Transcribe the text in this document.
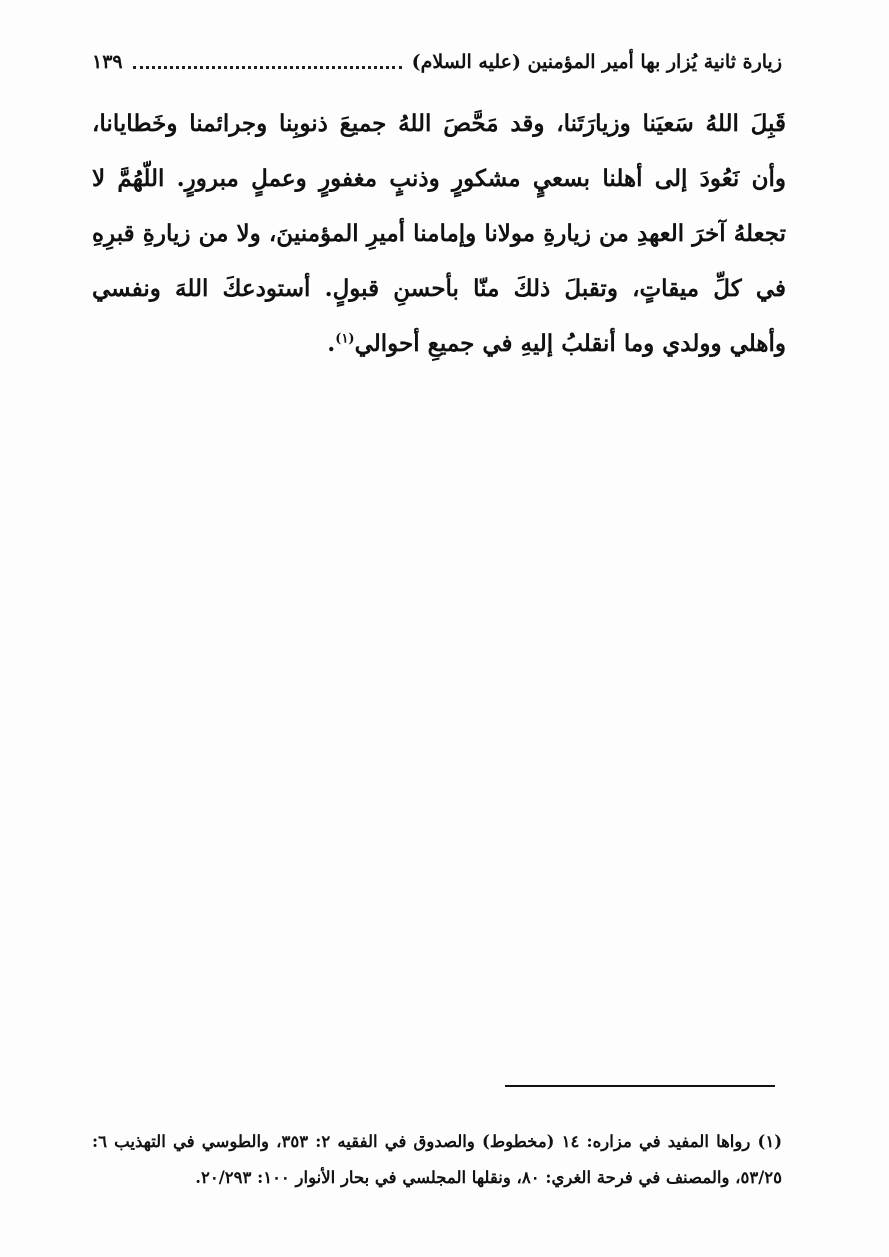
زيارة ثانية يُزار بها أمير المؤمنين (عليه السلام)
١٣٩

قَبِلَ اللهُ سَعيَنا وزيارَتَنا، وقد مَحَّصَ اللهُ جميعَ ذنوبِنا وجرائمنا وخَطايانا، وأن نَعُودَ إلى أهلنا بسعيٍ مشكورٍ وذنبٍ مغفورٍ وعملٍ مبرورٍ. اللّهُمَّ لا تجعلهُ آخرَ العهدِ من زيارةِ مولانا وإمامنا أميرِ المؤمنينَ، ولا من زيارةِ قبرِهِ في كلِّ ميقاتٍ، وتقبلَ ذلكَ منّا بأحسنِ قبولٍ. أستودعكَ اللهَ ونفسي وأهلي وولدي وما أنقلبُ إليهِ في جميعِ أحوالي$^{(١)}$.

(١) رواها المفيد في مزاره: ١٤ (مخطوط) والصدوق في الفقيه ٢: ٣٥٣، والطوسي في التهذيب ٦: ٥٣/٢٥، والمصنف في فرحة الغري: ٨٠، ونقلها المجلسي في بحار الأنوار ١٠٠: ٢٠/٢٩٣.
